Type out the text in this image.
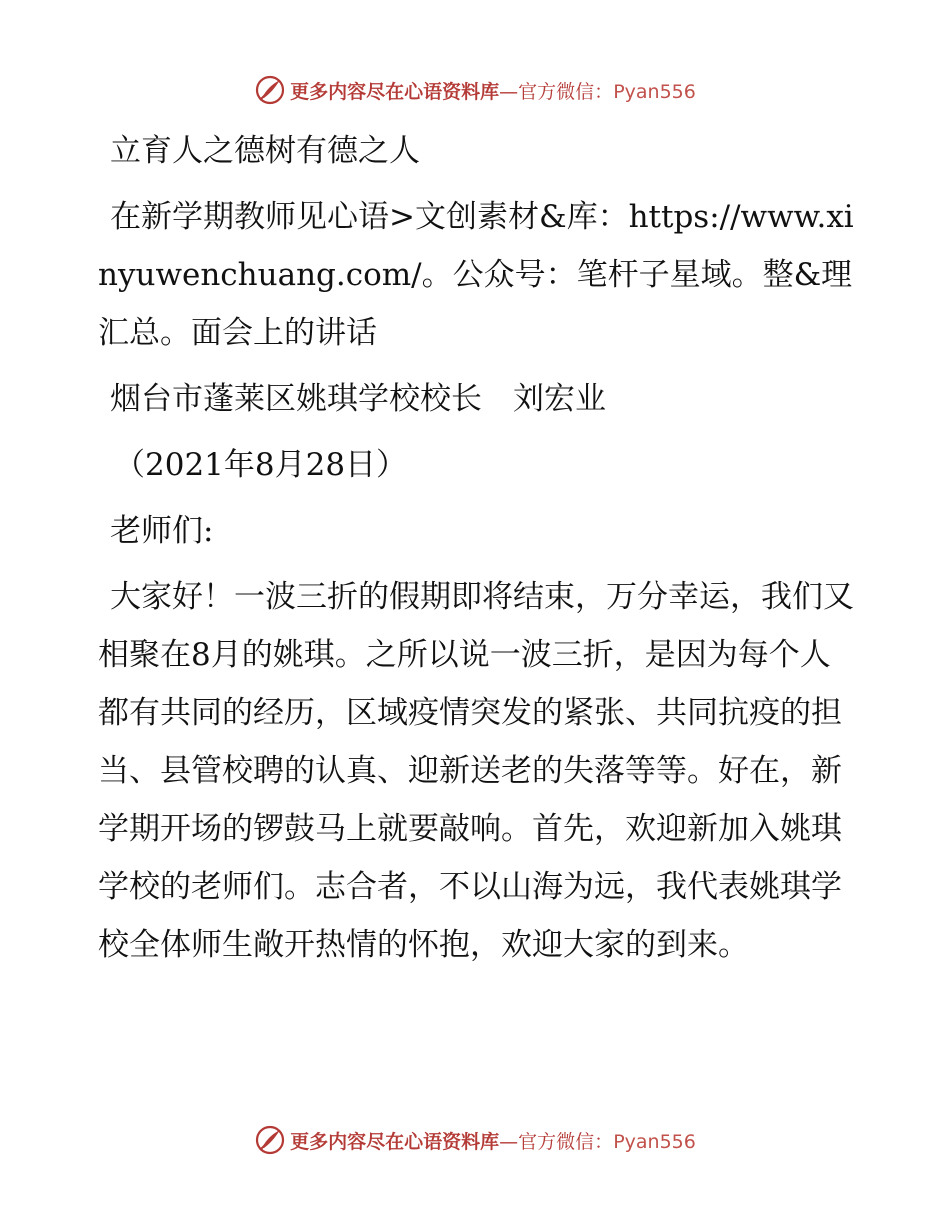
更多内容尽在心语资料库—官方微信：Pyan556

立育人之德树有德之人

在新学期教师见心语>文创素材&库：https://www.xinyuwenchuang.com/。公众号：笔杆子星域。整&理汇总。面会上的讲话

烟台市蓬莱区姚琪学校校长　刘宏业

（2021年8月28日）

老师们:

大家好！一波三折的假期即将结束，万分幸运，我们又相聚在8月的姚琪。之所以说一波三折，是因为每个人都有共同的经历，区域疫情突发的紧张、共同抗疫的担当、县管校聘的认真、迎新送老的失落等等。好在，新学期开场的锣鼓马上就要敲响。首先，欢迎新加入姚琪学校的老师们。志合者，不以山海为远，我代表姚琪学校全体师生敞开热情的怀抱，欢迎大家的到来。

更多内容尽在心语资料库—官方微信：Pyan556
